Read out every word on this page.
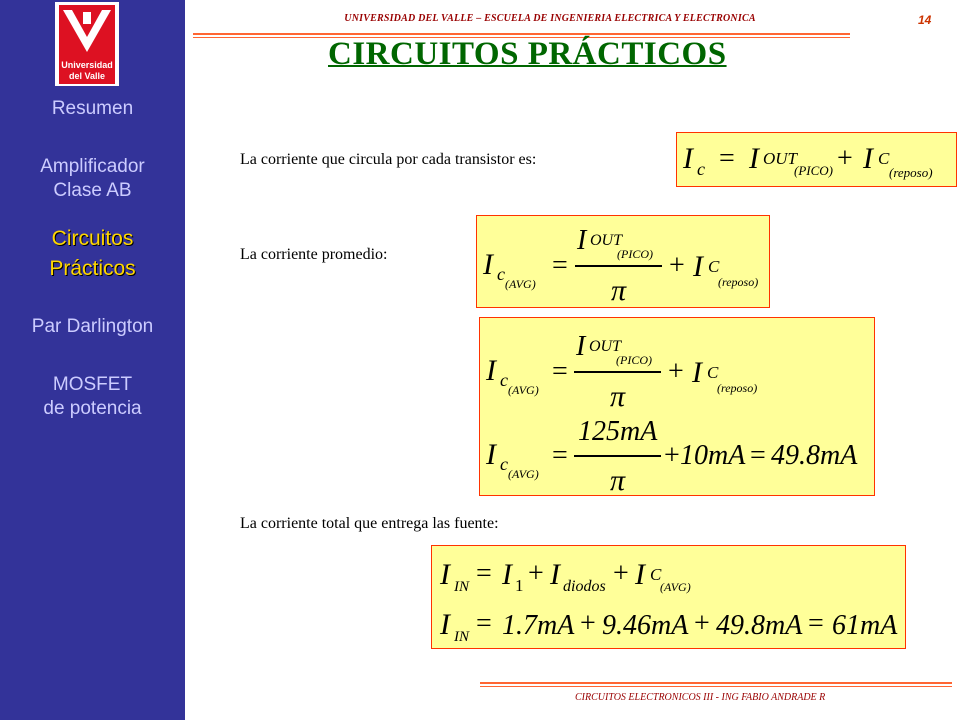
Universidad
del Valle
Resumen
Amplificador Clase AB
Circuitos Prácticos
Par Darlington
MOSFET de potencia
UNIVERSIDAD DEL VALLE – ESCUELA DE INGENIERIA ELECTRICA Y ELECTRONICA	14
CIRCUITOS PRÁCTICOS
La corriente que circula por cada transistor es:	I c = I OUT
(PICO) + I C
(reposo)
La corriente promedio:	I c (AVG)
=
I OUT
(PICO)
π
+ I C
(reposo)
I c (AVG)
=
I OUT
(PICO)
π
+ I C
(reposo)
I c (AVG)
=
125mA
π
+ 10mA = 49.8mA
La corriente total que entrega las fuente:
I IN = I 1 + I diodos + I C
(AVG)
I IN = 1.7mA + 9.46mA + 49.8mA = 61mA
CIRCUITOS ELECTRONICOS III - ING FABIO ANDRADE R
